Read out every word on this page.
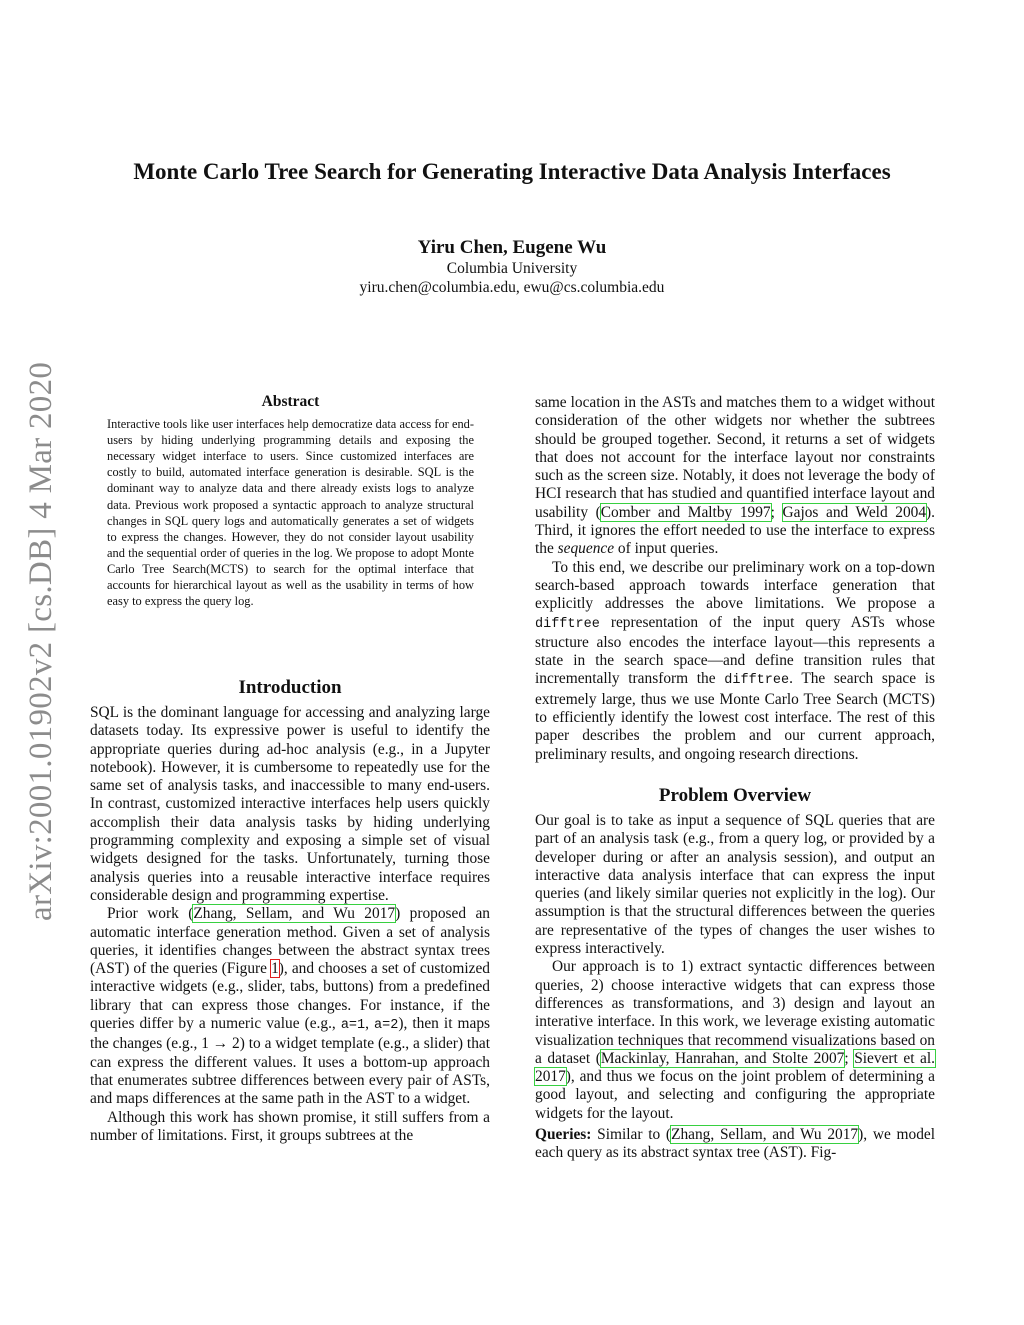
arXiv:2001.01902v2 [cs.DB] 4 Mar 2020
Monte Carlo Tree Search for Generating Interactive Data Analysis Interfaces
Yiru Chen, Eugene Wu
Columbia University
yiru.chen@columbia.edu, ewu@cs.columbia.edu
Abstract

Interactive tools like user interfaces help democratize data access for end-users by hiding underlying programming details and exposing the necessary widget interface to users. Since customized interfaces are costly to build, automated interface generation is desirable. SQL is the dominant way to analyze data and there already exists logs to analyze data. Previous work proposed a syntactic approach to analyze structural changes in SQL query logs and automatically generates a set of widgets to express the changes. However, they do not consider layout usability and the sequential order of queries in the log. We propose to adopt Monte Carlo Tree Search(MCTS) to search for the optimal interface that accounts for hierarchical layout as well as the usability in terms of how easy to express the query log.

Introduction

SQL is the dominant language for accessing and analyzing large datasets today. Its expressive power is useful to identify the appropriate queries during ad-hoc analysis (e.g., in a Jupyter notebook). However, it is cumbersome to repeatedly use for the same set of analysis tasks, and inaccessible to many end-users. In contrast, customized interactive interfaces help users quickly accomplish their data analysis tasks by hiding underlying programming complexity and exposing a simple set of visual widgets designed for the tasks. Unfortunately, turning those analysis queries into a reusable interactive interface requires considerable design and programming expertise.

Prior work (Zhang, Sellam, and Wu 2017) proposed an automatic interface generation method. Given a set of analysis queries, it identifies changes between the abstract syntax trees (AST) of the queries (Figure 1), and chooses a set of customized interactive widgets (e.g., slider, tabs, buttons) from a predefined library that can express those changes. For instance, if the queries differ by a numeric value (e.g., a=1, a=2), then it maps the changes (e.g., 1 → 2) to a widget template (e.g., a slider) that can express the different values. It uses a bottom-up approach that enumerates subtree differences between every pair of ASTs, and maps differences at the same path in the AST to a widget.

Although this work has shown promise, it still suffers from a number of limitations. First, it groups subtrees at the

same location in the ASTs and matches them to a widget without consideration of the other widgets nor whether the subtrees should be grouped together. Second, it returns a set of widgets that does not account for the interface layout nor constraints such as the screen size. Notably, it does not leverage the body of HCI research that has studied and quantified interface layout and usability (Comber and Maltby 1997; Gajos and Weld 2004). Third, it ignores the effort needed to use the interface to express the sequence of input queries.

To this end, we describe our preliminary work on a top-down search-based approach towards interface generation that explicitly addresses the above limitations. We propose a difftree representation of the input query ASTs whose structure also encodes the interface layout—this represents a state in the search space—and define transition rules that incrementally transform the difftree. The search space is extremely large, thus we use Monte Carlo Tree Search (MCTS) to efficiently identify the lowest cost interface. The rest of this paper describes the problem and our current approach, preliminary results, and ongoing research directions.

Problem Overview

Our goal is to take as input a sequence of SQL queries that are part of an analysis task (e.g., from a query log, or provided by a developer during or after an analysis session), and output an interactive data analysis interface that can express the input queries (and likely similar queries not explicitly in the log). Our assumption is that the structural differences between the queries are representative of the types of changes the user wishes to express interactively.

Our approach is to 1) extract syntactic differences between queries, 2) choose interactive widgets that can express those differences as transformations, and 3) design and layout an interative interface. In this work, we leverage existing automatic visualization techniques that recommend visualizations based on a dataset (Mackinlay, Hanrahan, and Stolte 2007; Sievert et al. 2017), and thus we focus on the joint problem of determining a good layout, and selecting and configuring the appropriate widgets for the layout.

Queries: Similar to (Zhang, Sellam, and Wu 2017), we model each query as its abstract syntax tree (AST). Fig-
